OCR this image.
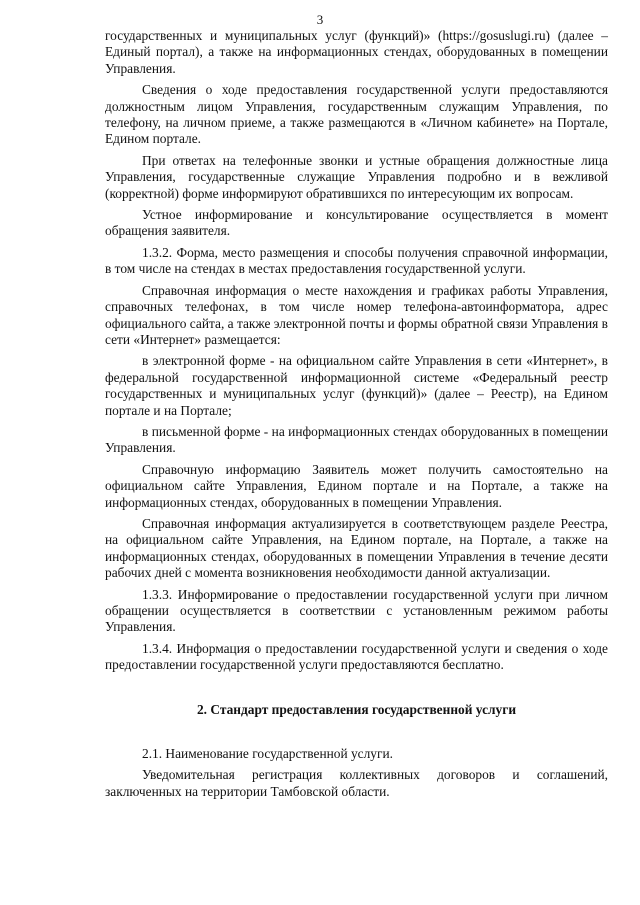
3

государственных и муниципальных услуг (функций)» (https://gosuslugi.ru) (далее – Единый портал), а также на информационных стендах, оборудованных в помещении Управления.

Сведения о ходе предоставления государственной услуги предоставляются должностным лицом Управления, государственным служащим Управления, по телефону, на личном приеме, а также размещаются в «Личном кабинете» на Портале, Едином портале.

При ответах на телефонные звонки и устные обращения должностные лица Управления, государственные служащие Управления подробно и в вежливой (корректной) форме информируют обратившихся по интересующим их вопросам.

Устное информирование и консультирование осуществляется в момент обращения заявителя.

1.3.2. Форма, место размещения и способы получения справочной информации, в том числе на стендах в местах предоставления государственной услуги.

Справочная информация о месте нахождения и графиках работы Управления, справочных телефонах, в том числе номер телефона-автоинформатора, адрес официального сайта, а также электронной почты и формы обратной связи Управления в сети «Интернет» размещается:

в электронной форме - на официальном сайте Управления в сети «Интернет», в федеральной государственной информационной системе «Федеральный реестр государственных и муниципальных услуг (функций)» (далее – Реестр), на Едином портале и на Портале;

в письменной форме - на информационных стендах оборудованных в помещении Управления.

Справочную информацию Заявитель может получить самостоятельно на официальном сайте Управления, Едином портале и на Портале, а также на информационных стендах, оборудованных в помещении Управления.

Справочная информация актуализируется в соответствующем разделе Реестра, на официальном сайте Управления, на Едином портале, на Портале, а также на информационных стендах, оборудованных в помещении Управления в течение десяти рабочих дней с момента возникновения необходимости данной актуализации.

1.3.3. Информирование о предоставлении государственной услуги при личном обращении осуществляется в соответствии с установленным режимом работы Управления.

1.3.4. Информация о предоставлении государственной услуги и сведения о ходе предоставлении государственной услуги предоставляются бесплатно.

2. Стандарт предоставления государственной услуги

2.1. Наименование государственной услуги.

Уведомительная регистрация коллективных договоров и соглашений, заключенных на территории Тамбовской области.
